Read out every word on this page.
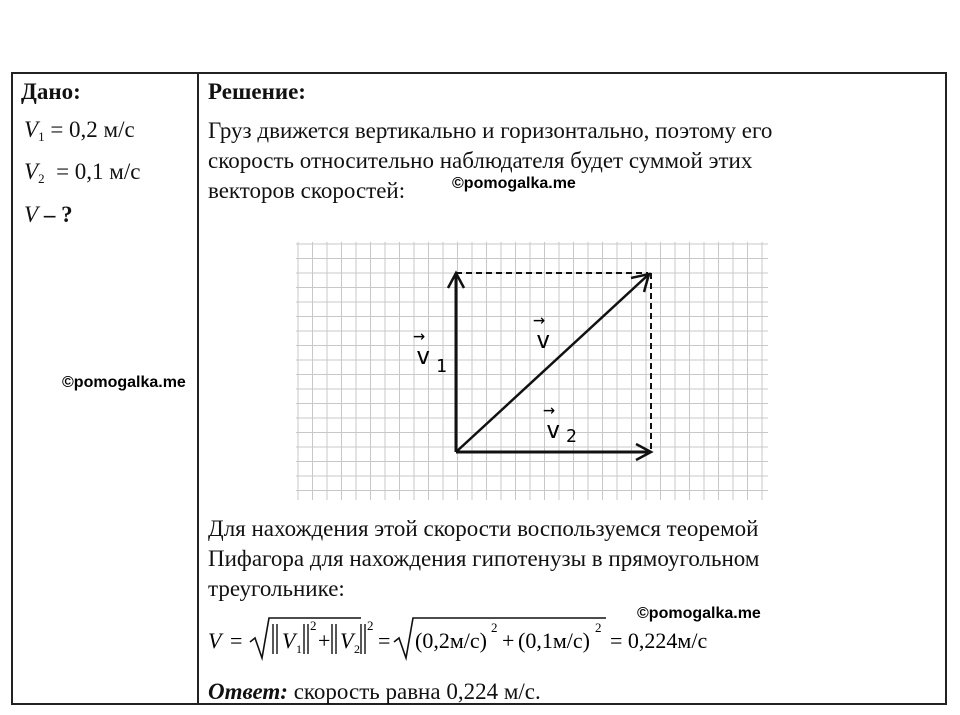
Дано:
$V_1 = 0,2$ м/с
$V_2 = 0,1$ м/с
V – ?
Решение:
Груз движется вертикально и горизонтально, поэтому его
скорость относительно наблюдателя будет суммой этих
векторов скоростей:	©pomogalka.me
©pomogalka.me
→
v 1
→
v
→
v 2
Для нахождения этой скорости воспользуемся теоремой
Пифагора для нахождения гипотенузы в прямоугольном
треугольнике:
©pomogalka.me
V = V 1
2
+ V 2
2
= (0,2м/с)
2
+ (0,1м/с)
2
= 0,224м/с
Ответ: скорость равна 0,224 м/с.
